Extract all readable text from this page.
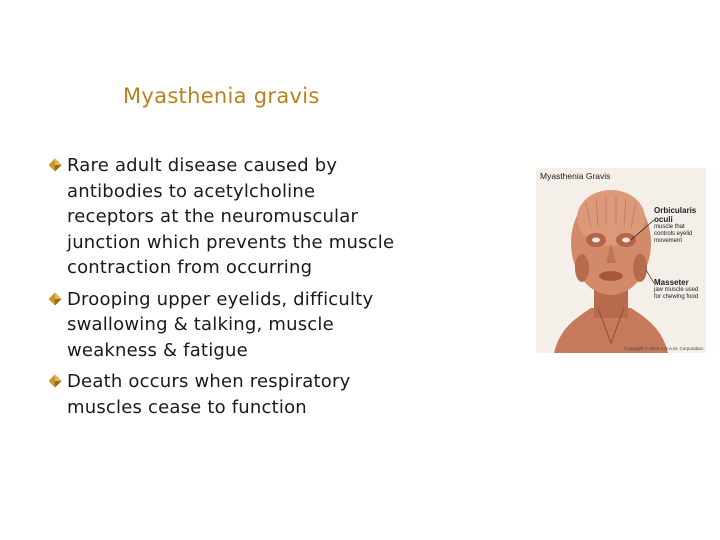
Myasthenia gravis
Rare adult disease caused by antibodies to acetylcholine receptors at the neuromuscular junction which prevents the muscle contraction from occurring
Drooping upper eyelids, difficulty swallowing & talking, muscle weakness & fatigue
Death occurs when respiratory muscles cease to function
Myasthenia Gravis
Orbicularis oculi
muscle that controls eyelid movement
Masseter
jaw muscle used for chewing food
Copyright © 2002 A.D.A.M. Corporation
